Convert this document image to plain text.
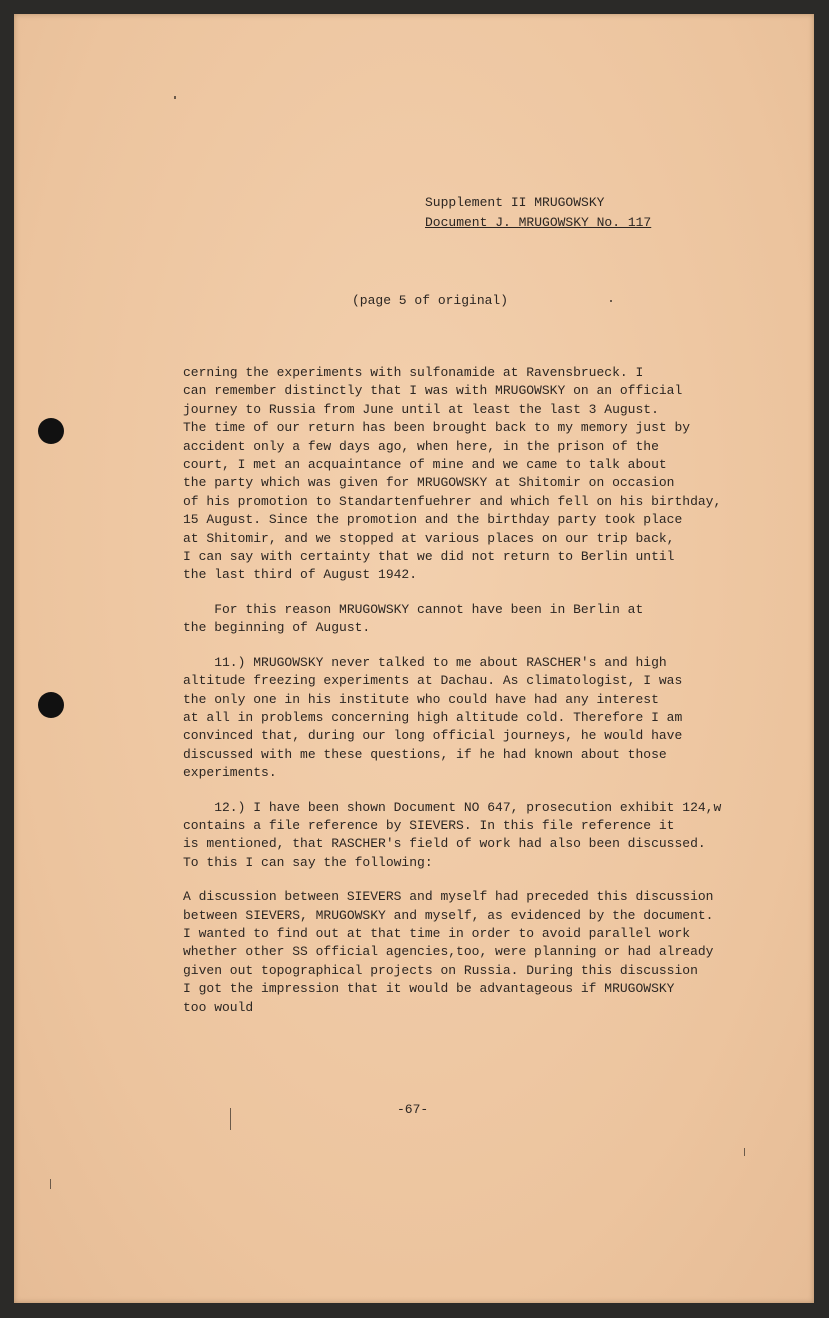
Supplement II MRUGOWSKY
Document J. MRUGOWSKY No. 117
(page 5 of original)
cerning the experiments with sulfonamide at Ravensbrueck. I
can remember distinctly that I was with MRUGOWSKY on an official
journey to Russia from June until at least the last 3 August.
The time of our return has been brought back to my memory just by
accident only a few days ago, when here, in the prison of the
court, I met an acquaintance of mine and we came to talk about
the party which was given for MRUGOWSKY at Shitomir on occasion
of his promotion to Standartenfuehrer and which fell on his birthday,
15 August. Since the promotion and the birthday party took place
at Shitomir, and we stopped at various places on our trip back,
I can say with certainty that we did not return to Berlin until
the last third of August 1942.
For this reason MRUGOWSKY cannot have been in Berlin at
the beginning of August.
11.) MRUGOWSKY never talked to me about RASCHER's and high
altitude freezing experiments at Dachau. As climatologist, I was
the only one in his institute who could have had any interest
at all in problems concerning high altitude cold. Therefore I am
convinced that, during our long official journeys, he would have
discussed with me these questions, if he had known about those
experiments.
12.) I have been shown Document NO 647, prosecution exhibit 124,w
contains a file reference by SIEVERS. In this file reference it
is mentioned, that RASCHER's field of work had also been discussed.
To this I can say the following:
A discussion between SIEVERS and myself had preceded this discussion
between SIEVERS, MRUGOWSKY and myself, as evidenced by the document.
I wanted to find out at that time in order to avoid parallel work
whether other SS official agencies,too, were planning or had already
given out topographical projects on Russia. During this discussion
I got the impression that it would be advantageous if MRUGOWSKY
too would
-67-
